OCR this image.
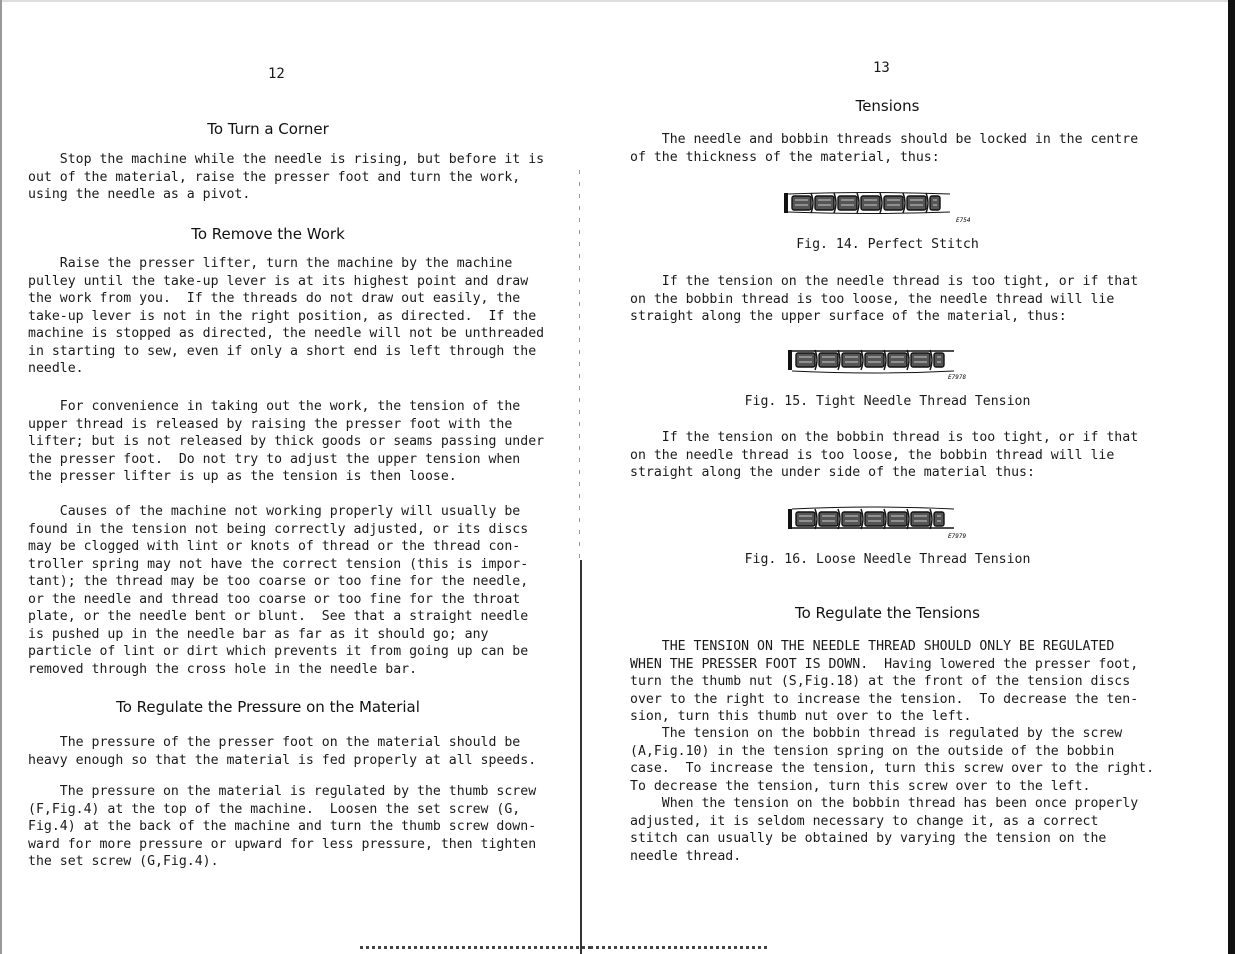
12
To Turn a Corner

Stop the machine while the needle is rising, but before it is
out of the material, raise the presser foot and turn the work,
using the needle as a pivot.

To Remove the Work

Raise the presser lifter, turn the machine by the machine
pulley until the take-up lever is at its highest point and draw
the work from you.  If the threads do not draw out easily, the
take-up lever is not in the right position, as directed.  If the
machine is stopped as directed, the needle will not be unthreaded
in starting to sew, even if only a short end is left through the
needle.

For convenience in taking out the work, the tension of the
upper thread is released by raising the presser foot with the
lifter; but is not released by thick goods or seams passing under
the presser foot.  Do not try to adjust the upper tension when
the presser lifter is up as the tension is then loose.

Causes of the machine not working properly will usually be
found in the tension not being correctly adjusted, or its discs
may be clogged with lint or knots of thread or the thread con-
troller spring may not have the correct tension (this is impor-
tant); the thread may be too coarse or too fine for the needle,
or the needle and thread too coarse or too fine for the throat
plate, or the needle bent or blunt.  See that a straight needle
is pushed up in the needle bar as far as it should go; any
particle of lint or dirt which prevents it from going up can be
removed through the cross hole in the needle bar.

To Regulate the Pressure on the Material

The pressure of the presser foot on the material should be
heavy enough so that the material is fed properly at all speeds.

The pressure on the material is regulated by the thumb screw
(F,Fig.4) at the top of the machine.  Loosen the set screw (G,
Fig.4) at the back of the machine and turn the thumb screw down-
ward for more pressure or upward for less pressure, then tighten
the set screw (G,Fig.4).

13
Tensions

The needle and bobbin threads should be locked in the centre
of the thickness of the material, thus:

E754
Fig. 14. Perfect Stitch

If the tension on the needle thread is too tight, or if that
on the bobbin thread is too loose, the needle thread will lie
straight along the upper surface of the material, thus:

E7978
Fig. 15. Tight Needle Thread Tension

If the tension on the bobbin thread is too tight, or if that
on the needle thread is too loose, the bobbin thread will lie
straight along the under side of the material thus:

E7979
Fig. 16. Loose Needle Thread Tension
To Regulate the Tensions

THE TENSION ON THE NEEDLE THREAD SHOULD ONLY BE REGULATED
WHEN THE PRESSER FOOT IS DOWN.  Having lowered the presser foot,
turn the thumb nut (S,Fig.18) at the front of the tension discs
over to the right to increase the tension.  To decrease the ten-
sion, turn this thumb nut over to the left.

The tension on the bobbin thread is regulated by the screw
(A,Fig.10) in the tension spring on the outside of the bobbin
case.  To increase the tension, turn this screw over to the right.
To decrease the tension, turn this screw over to the left.

When the tension on the bobbin thread has been once properly
adjusted, it is seldom necessary to change it, as a correct
stitch can usually be obtained by varying the tension on the
needle thread.
